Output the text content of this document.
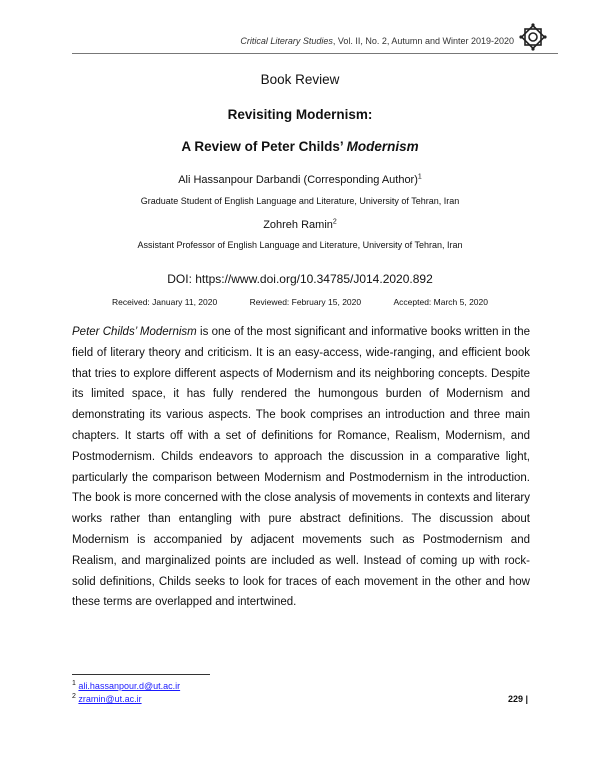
Critical Literary Studies, Vol. II, No. 2, Autumn and Winter 2019-2020
Book Review
Revisiting Modernism:
A Review of Peter Childs’ Modernism
Ali Hassanpour Darbandi (Corresponding Author)$^1$
Graduate Student of English Language and Literature, University of Tehran, Iran
Zohreh Ramin$^2$
Assistant Professor of English Language and Literature, University of Tehran, Iran
DOI: https://www.doi.org/10.34785/J014.2020.892
Received: January 11, 2020	Reviewed: February 15, 2020	Accepted: March 5, 2020
Peter Childs’ Modernism is one of the most significant and informative books written in the field of literary theory and criticism. It is an easy-access, wide-ranging, and efficient book that tries to explore different aspects of Modernism and its neighboring concepts. Despite its limited space, it has fully rendered the humongous burden of Modernism and demonstrating its various aspects. The book comprises an introduction and three main chapters. It starts off with a set of definitions for Romance, Realism, Modernism, and Postmodernism. Childs endeavors to approach the discussion in a comparative light, particularly the comparison between Modernism and Postmodernism in the introduction. The book is more concerned with the close analysis of movements in contexts and literary works rather than entangling with pure abstract definitions. The discussion about Modernism is accompanied by adjacent movements such as Postmodernism and Realism, and marginalized points are included as well. Instead of coming up with rock-solid definitions, Childs seeks to look for traces of each movement in the other and how these terms are overlapped and intertwined.
$^1$ ali.hassanpour.d@ut.ac.ir
$^2$ zramin@ut.ac.ir	229 |
